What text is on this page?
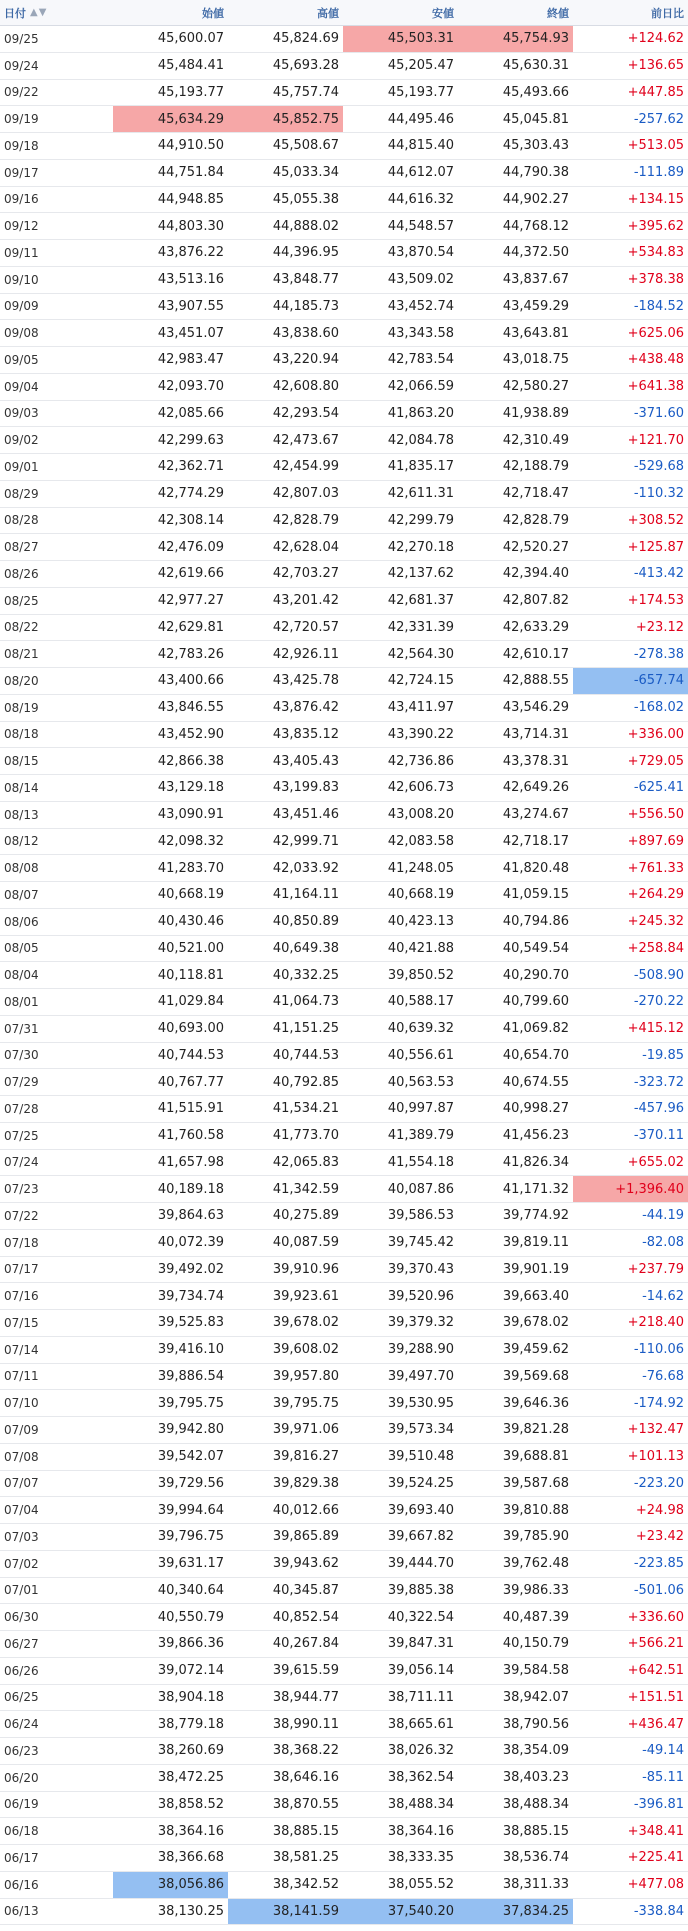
日付 ▲▼	始値	高値	安値	終値	前日比
09/25	45,600.07	45,824.69	45,503.31	45,754.93	+124.62
09/24	45,484.41	45,693.28	45,205.47	45,630.31	+136.65
09/22	45,193.77	45,757.74	45,193.77	45,493.66	+447.85
09/19	45,634.29	45,852.75	44,495.46	45,045.81	-257.62
09/18	44,910.50	45,508.67	44,815.40	45,303.43	+513.05
09/17	44,751.84	45,033.34	44,612.07	44,790.38	-111.89
09/16	44,948.85	45,055.38	44,616.32	44,902.27	+134.15
09/12	44,803.30	44,888.02	44,548.57	44,768.12	+395.62
09/11	43,876.22	44,396.95	43,870.54	44,372.50	+534.83
09/10	43,513.16	43,848.77	43,509.02	43,837.67	+378.38
09/09	43,907.55	44,185.73	43,452.74	43,459.29	-184.52
09/08	43,451.07	43,838.60	43,343.58	43,643.81	+625.06
09/05	42,983.47	43,220.94	42,783.54	43,018.75	+438.48
09/04	42,093.70	42,608.80	42,066.59	42,580.27	+641.38
09/03	42,085.66	42,293.54	41,863.20	41,938.89	-371.60
09/02	42,299.63	42,473.67	42,084.78	42,310.49	+121.70
09/01	42,362.71	42,454.99	41,835.17	42,188.79	-529.68
08/29	42,774.29	42,807.03	42,611.31	42,718.47	-110.32
08/28	42,308.14	42,828.79	42,299.79	42,828.79	+308.52
08/27	42,476.09	42,628.04	42,270.18	42,520.27	+125.87
08/26	42,619.66	42,703.27	42,137.62	42,394.40	-413.42
08/25	42,977.27	43,201.42	42,681.37	42,807.82	+174.53
08/22	42,629.81	42,720.57	42,331.39	42,633.29	+23.12
08/21	42,783.26	42,926.11	42,564.30	42,610.17	-278.38
08/20	43,400.66	43,425.78	42,724.15	42,888.55	-657.74
08/19	43,846.55	43,876.42	43,411.97	43,546.29	-168.02
08/18	43,452.90	43,835.12	43,390.22	43,714.31	+336.00
08/15	42,866.38	43,405.43	42,736.86	43,378.31	+729.05
08/14	43,129.18	43,199.83	42,606.73	42,649.26	-625.41
08/13	43,090.91	43,451.46	43,008.20	43,274.67	+556.50
08/12	42,098.32	42,999.71	42,083.58	42,718.17	+897.69
08/08	41,283.70	42,033.92	41,248.05	41,820.48	+761.33
08/07	40,668.19	41,164.11	40,668.19	41,059.15	+264.29
08/06	40,430.46	40,850.89	40,423.13	40,794.86	+245.32
08/05	40,521.00	40,649.38	40,421.88	40,549.54	+258.84
08/04	40,118.81	40,332.25	39,850.52	40,290.70	-508.90
08/01	41,029.84	41,064.73	40,588.17	40,799.60	-270.22
07/31	40,693.00	41,151.25	40,639.32	41,069.82	+415.12
07/30	40,744.53	40,744.53	40,556.61	40,654.70	-19.85
07/29	40,767.77	40,792.85	40,563.53	40,674.55	-323.72
07/28	41,515.91	41,534.21	40,997.87	40,998.27	-457.96
07/25	41,760.58	41,773.70	41,389.79	41,456.23	-370.11
07/24	41,657.98	42,065.83	41,554.18	41,826.34	+655.02
07/23	40,189.18	41,342.59	40,087.86	41,171.32	+1,396.40
07/22	39,864.63	40,275.89	39,586.53	39,774.92	-44.19
07/18	40,072.39	40,087.59	39,745.42	39,819.11	-82.08
07/17	39,492.02	39,910.96	39,370.43	39,901.19	+237.79
07/16	39,734.74	39,923.61	39,520.96	39,663.40	-14.62
07/15	39,525.83	39,678.02	39,379.32	39,678.02	+218.40
07/14	39,416.10	39,608.02	39,288.90	39,459.62	-110.06
07/11	39,886.54	39,957.80	39,497.70	39,569.68	-76.68
07/10	39,795.75	39,795.75	39,530.95	39,646.36	-174.92
07/09	39,942.80	39,971.06	39,573.34	39,821.28	+132.47
07/08	39,542.07	39,816.27	39,510.48	39,688.81	+101.13
07/07	39,729.56	39,829.38	39,524.25	39,587.68	-223.20
07/04	39,994.64	40,012.66	39,693.40	39,810.88	+24.98
07/03	39,796.75	39,865.89	39,667.82	39,785.90	+23.42
07/02	39,631.17	39,943.62	39,444.70	39,762.48	-223.85
07/01	40,340.64	40,345.87	39,885.38	39,986.33	-501.06
06/30	40,550.79	40,852.54	40,322.54	40,487.39	+336.60
06/27	39,866.36	40,267.84	39,847.31	40,150.79	+566.21
06/26	39,072.14	39,615.59	39,056.14	39,584.58	+642.51
06/25	38,904.18	38,944.77	38,711.11	38,942.07	+151.51
06/24	38,779.18	38,990.11	38,665.61	38,790.56	+436.47
06/23	38,260.69	38,368.22	38,026.32	38,354.09	-49.14
06/20	38,472.25	38,646.16	38,362.54	38,403.23	-85.11
06/19	38,858.52	38,870.55	38,488.34	38,488.34	-396.81
06/18	38,364.16	38,885.15	38,364.16	38,885.15	+348.41
06/17	38,366.68	38,581.25	38,333.35	38,536.74	+225.41
06/16	38,056.86	38,342.52	38,055.52	38,311.33	+477.08
06/13	38,130.25	38,141.59	37,540.20	37,834.25	-338.84
